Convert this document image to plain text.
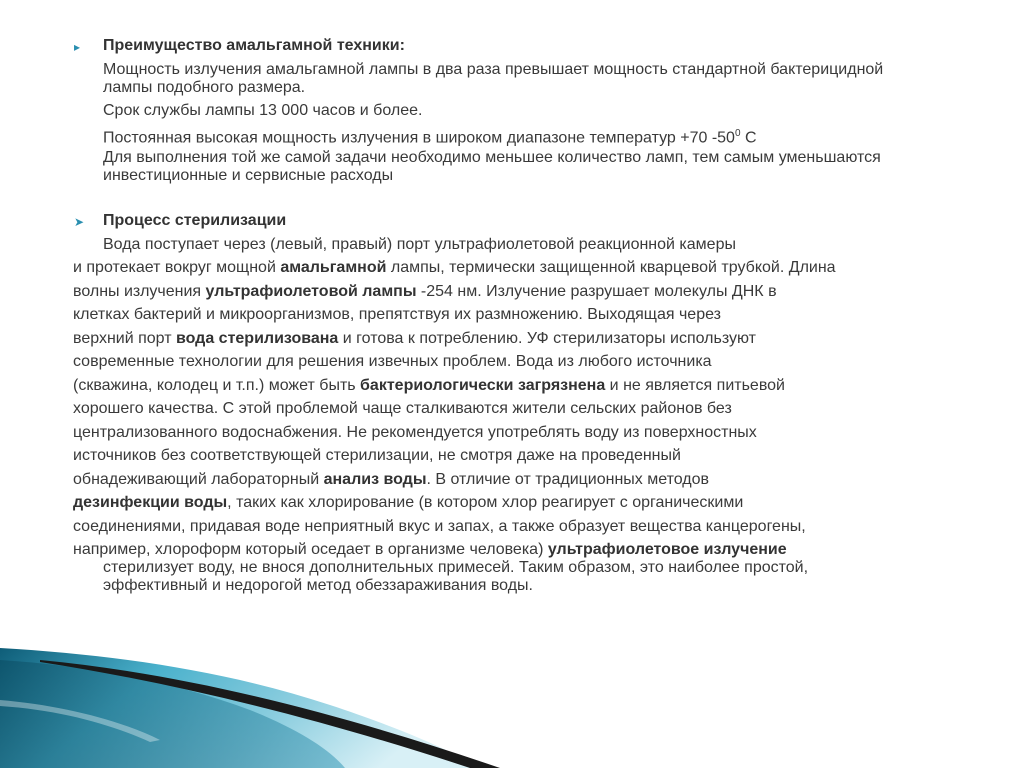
▸ Преимущество амальгамной техники:
Мощность излучения амальгамной лампы в два раза превышает мощность стандартной бактерицидной лампы подобного размера.
Срок службы лампы 13 000 часов и более.
Постоянная высокая мощность излучения в широком диапазоне температур +70 $-50^0$ С
Для выполнения той же самой задачи необходимо меньшее количество ламп, тем самым уменьшаются инвестиционные и сервисные расходы
➤ Процесс стерилизации
Вода поступает через (левый, правый) порт ультрафиолетовой реакционной камеры
и протекает вокруг мощной амальгамной лампы, термически защищенной кварцевой трубкой. Длина
волны излучения ультрафиолетовой лампы -254 нм. Излучение разрушает молекулы ДНК в
клетках бактерий и микроорганизмов, препятствуя их размножению. Выходящая через
верхний порт вода стерилизована и готова к потреблению. УФ стерилизаторы используют
современные технологии для решения извечных проблем. Вода из любого источника
(скважина, колодец и т.п.) может быть бактериологически загрязнена и не является питьевой
хорошего качества. С этой проблемой чаще сталкиваются жители сельских районов без
централизованного водоснабжения. Не рекомендуется употреблять воду из поверхностных
источников без соответствующей стерилизации, не смотря даже на проведенный
обнадеживающий лабораторный анализ воды. В отличие от традиционных методов
дезинфекции воды, таких как хлорирование (в котором хлор реагирует с органическими
соединениями, придавая воде неприятный вкус и запах, а также образует вещества канцерогены,
например, хлороформ который оседает в организме человека) ультрафиолетовое излучение
стерилизует воду, не внося дополнительных примесей. Таким образом, это наиболее простой,
эффективный и недорогой метод обеззараживания воды.
